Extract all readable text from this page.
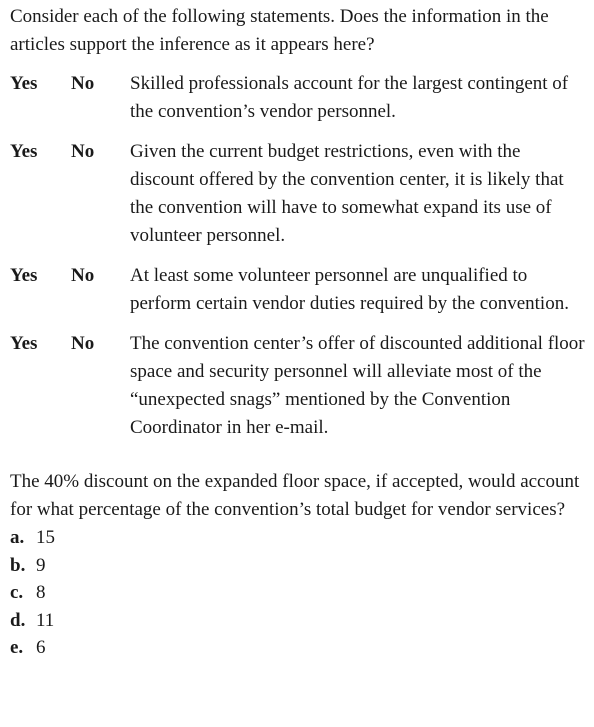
Consider each of the following statements. Does the information in the articles support the inference as it appears here?

Yes	No	Skilled professionals account for the largest contingent of the convention’s vendor personnel.
Yes	No	Given the current budget restrictions, even with the discount offered by the convention center, it is likely that the convention will have to somewhat expand its use of volunteer personnel.
Yes	No	At least some volunteer personnel are unqualified to perform certain vendor duties required by the convention.
Yes	No	The convention center’s offer of discounted additional floor space and security personnel will alleviate most of the “unexpected snags” mentioned by the Convention Coordinator in her e-mail.
The 40% discount on the expanded floor space, if accepted, would account for what percentage of the convention’s total budget for vendor services?
a. 15
b. 9
c. 8
d. 11
e. 6
